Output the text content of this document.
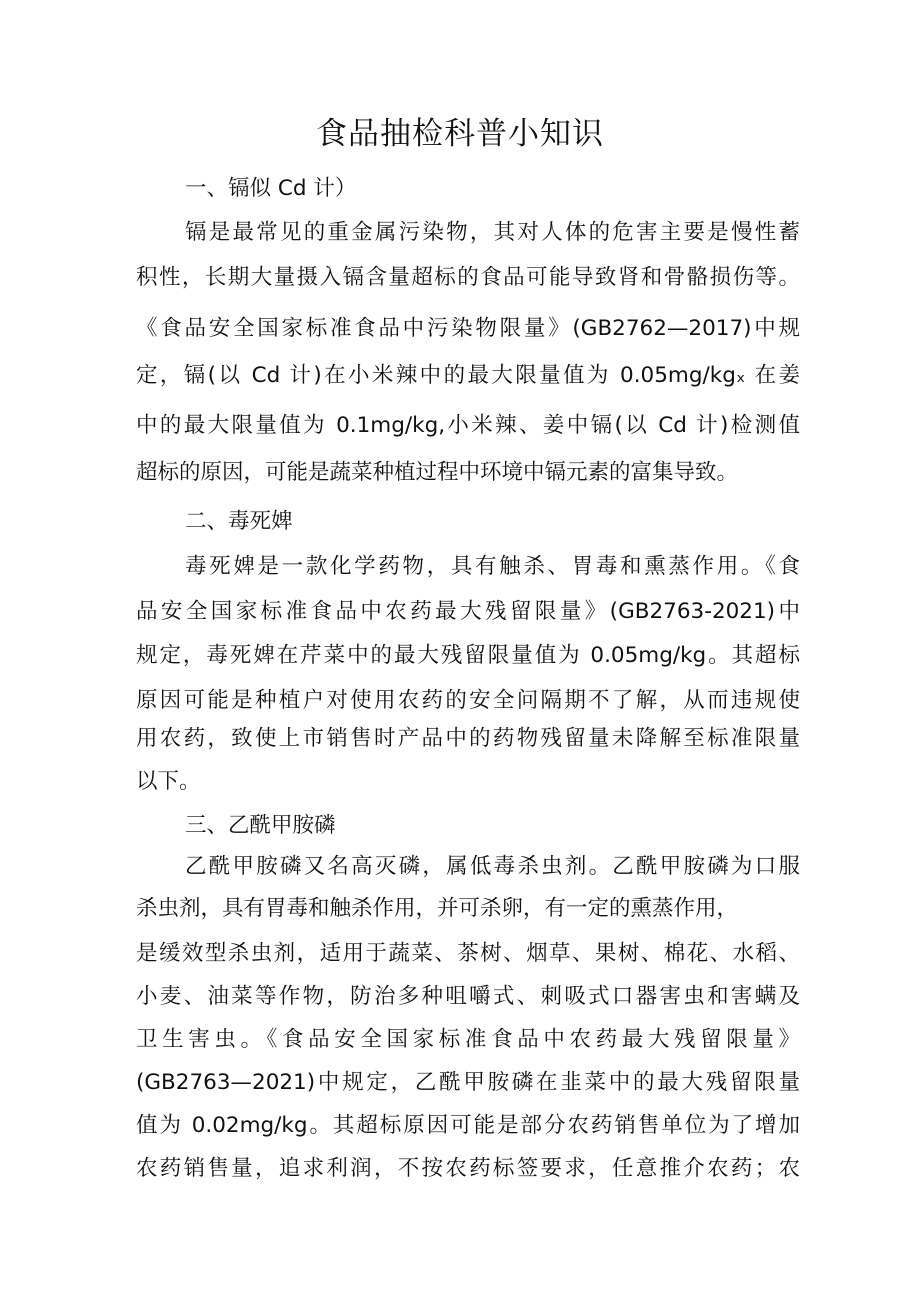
食品抽检科普小知识
一、镉似 Cd 计）
镉是最常见的重金属污染物，其对人体的危害主要是慢性蓄
积性，长期大量摄入镉含量超标的食品可能导致肾和骨骼损伤等。
《食品安全国家标准食品中污染物限量》(GB2762—2017)中规
定，镉(以 Cd 计)在小米辣中的最大限量值为 0.05mg∕kgₓ 在姜
中的最大限量值为 0.1mg∕kg,小米辣、姜中镉(以 Cd 计)检测值
超标的原因，可能是蔬菜种植过程中环境中镉元素的富集导致。
二、毒死婢
毒死婢是一款化学药物，具有触杀、胃毒和熏蒸作用。《食
品安全国家标准食品中农药最大残留限量》(GB2763-2021)中
规定，毒死婢在芹菜中的最大残留限量值为 0.05mg∕kg。其超标
原因可能是种植户对使用农药的安全问隔期不了解，从而违规使
用农药，致使上市销售时产品中的药物残留量未降解至标准限量
以下。
三、乙酰甲胺磷
乙酰甲胺磷又名高灭磷，属低毒杀虫剂。乙酰甲胺磷为口服
杀虫剂，具有胃毒和触杀作用，并可杀卵，有一定的熏蒸作用，
是缓效型杀虫剂，适用于蔬菜、茶树、烟草、果树、棉花、水稻、
小麦、油菜等作物，防治多种咀嚼式、刺吸式口器害虫和害螨及
卫生害虫。《食品安全国家标准食品中农药最大残留限量》
(GB2763—2021)中规定，乙酰甲胺磷在韭菜中的最大残留限量
值为 0.02mg∕kg。其超标原因可能是部分农药销售单位为了增加
农药销售量，追求利润，不按农药标签要求，任意推介农药；农
